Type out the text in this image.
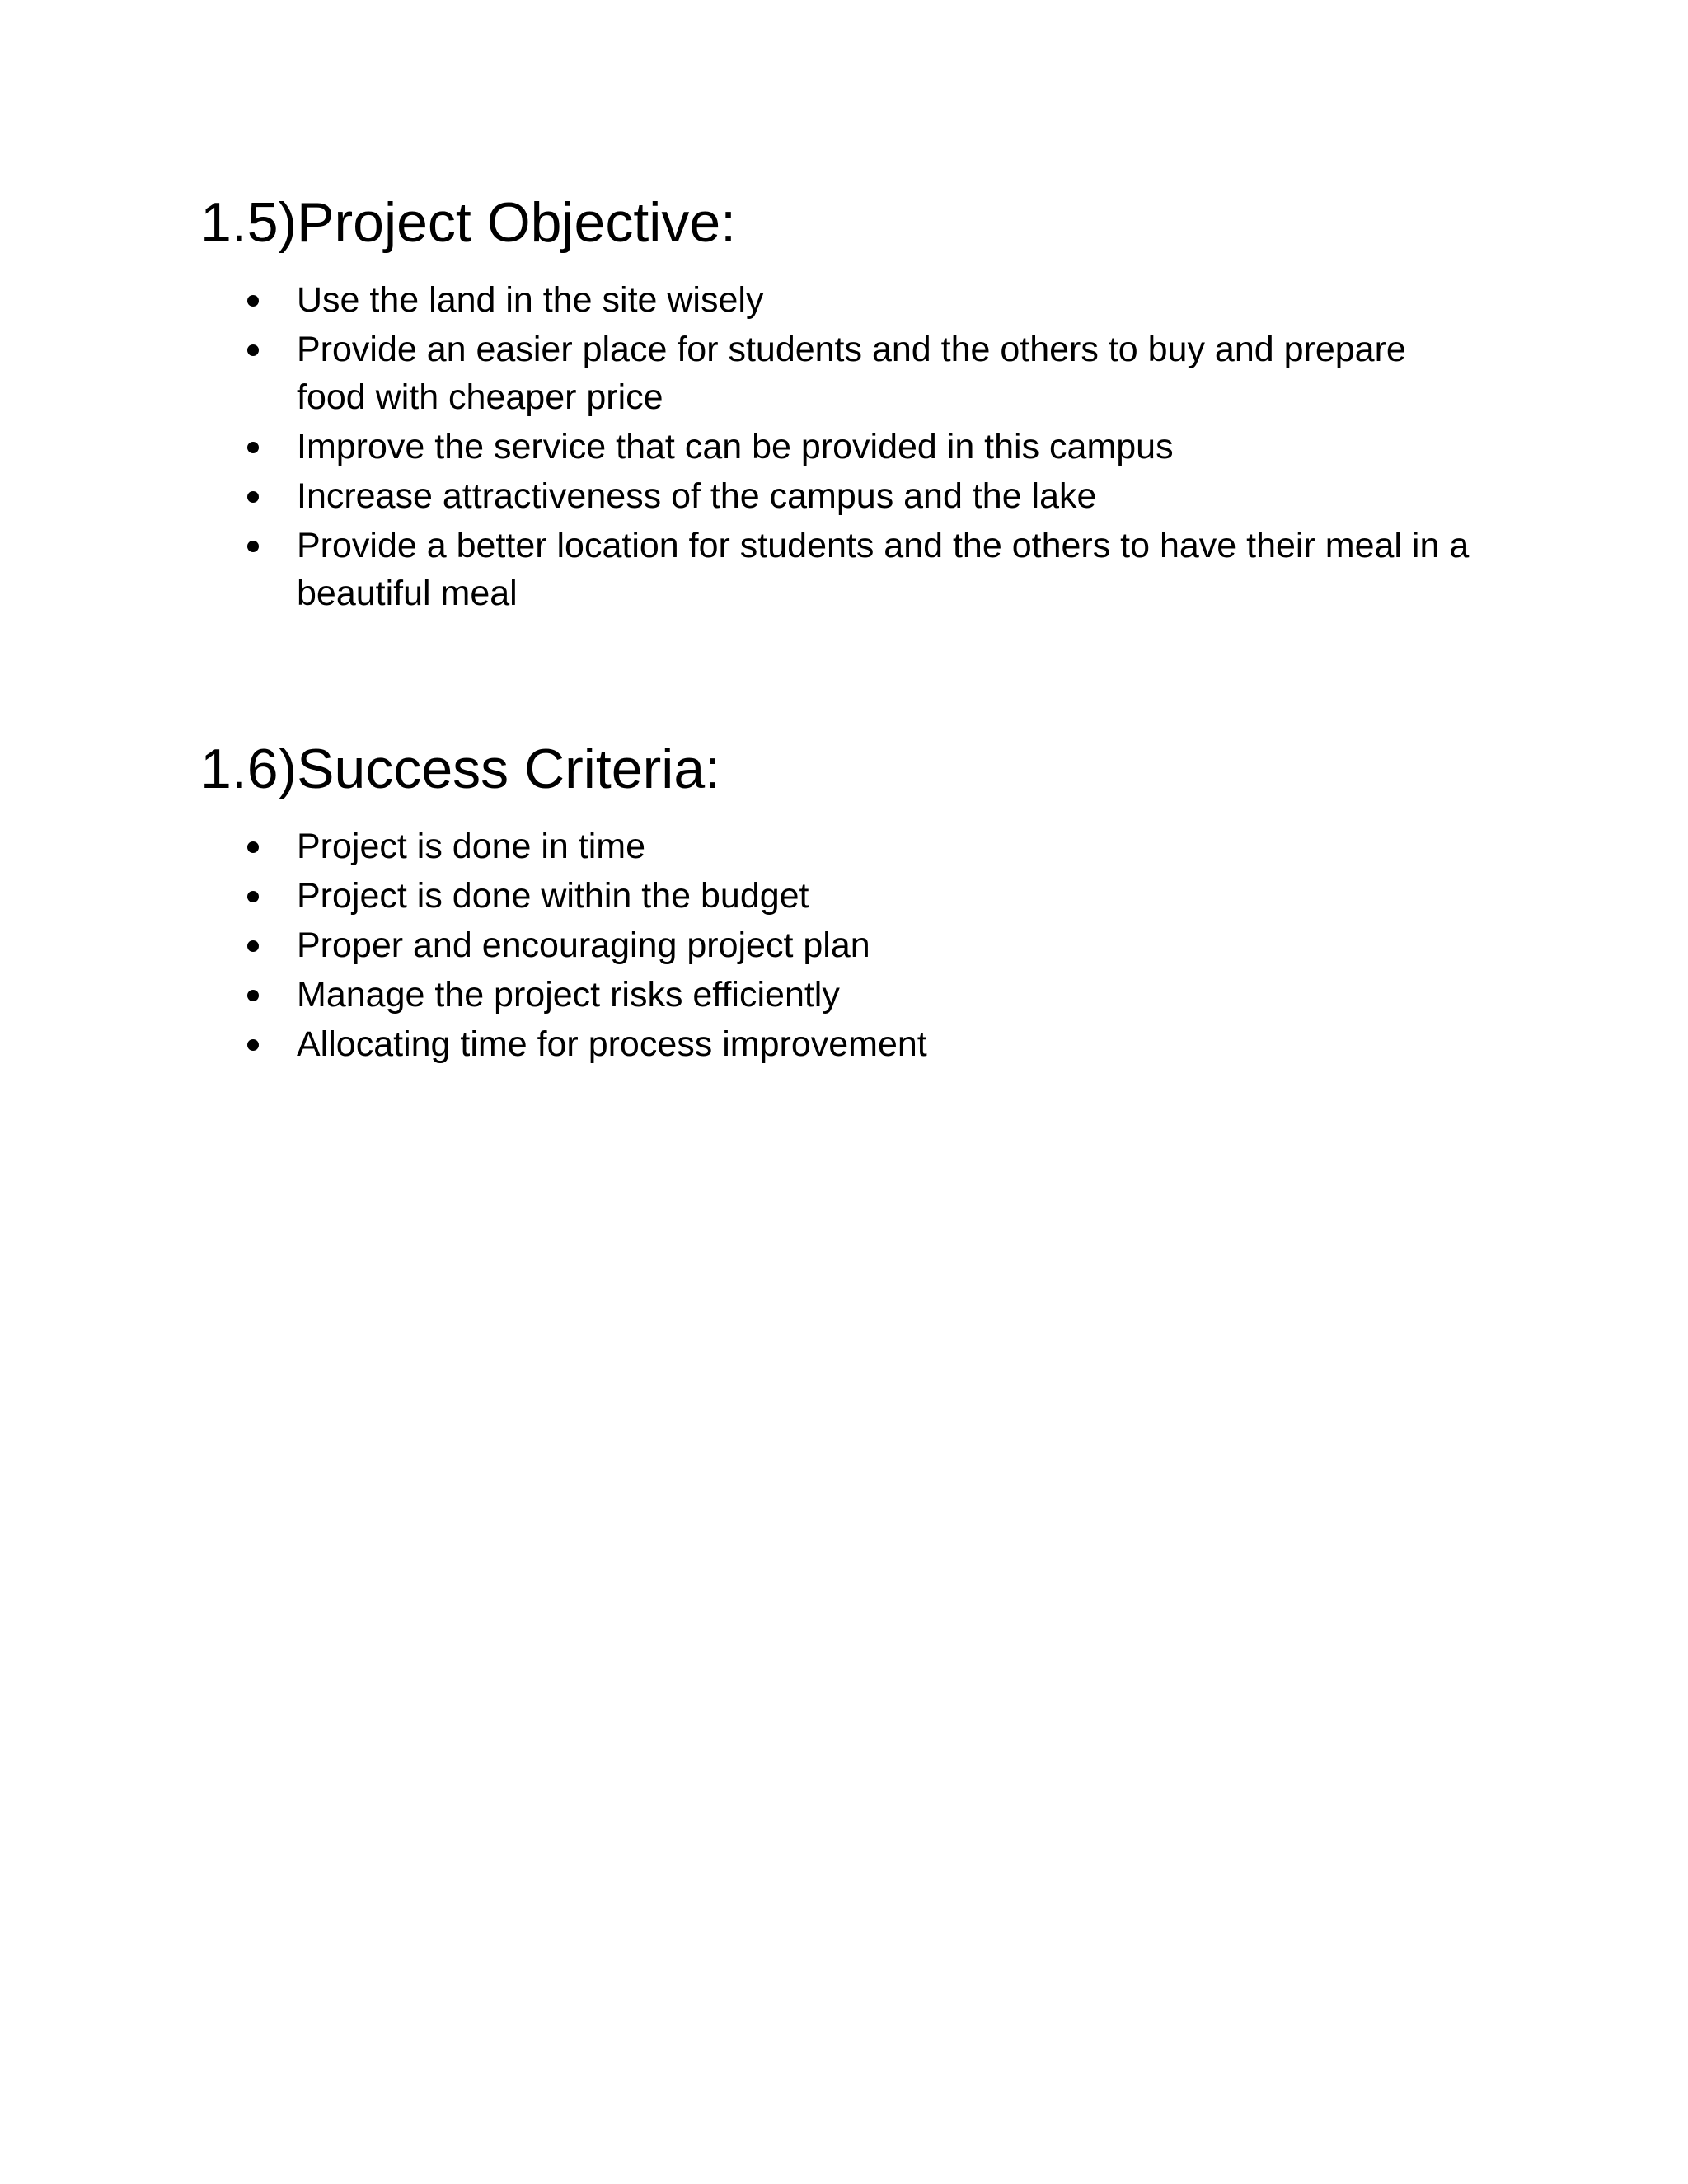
1.5)Project Objective:
Use the land in the site wisely
Provide an easier place for students and the others to buy and prepare food with cheaper price
Improve the service that can be provided in this campus
Increase attractiveness of the campus and the lake
Provide a better location for students and the others to have their meal in a beautiful meal
1.6)Success Criteria:
Project is done in time
Project is done within the budget
Proper and encouraging project plan
Manage the project risks efficiently
Allocating time for process improvement
